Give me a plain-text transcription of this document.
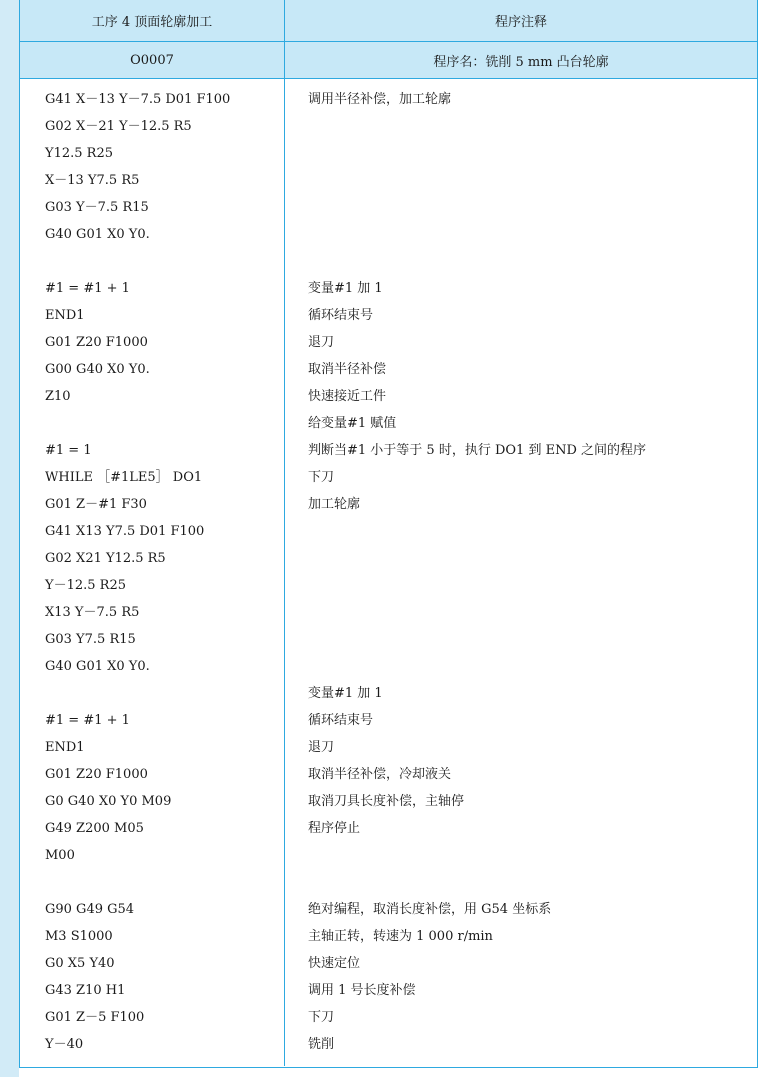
工序 4 顶面轮廓加工	程序注释
O0007	程序名：铣削 5 mm 凸台轮廓
G41 X－13 Y－7.5 D01 F100
G02 X－21 Y－12.5 R5
Y12.5 R25
X－13 Y7.5 R5
G03 Y－7.5 R15
G40 G01 X0 Y0.
#1 = #1 + 1
END1
G01 Z20 F1000
G00 G40 X0 Y0.
Z10
#1 = 1
WHILE ［#1LE5］ DO1
G01 Z－#1 F30
G41 X13 Y7.5 D01 F100
G02 X21 Y12.5 R5
Y－12.5 R25
X13 Y－7.5 R5
G03 Y7.5 R15
G40 G01 X0 Y0.
#1 = #1 + 1
END1
G01 Z20 F1000
G0 G40 X0 Y0 M09
G49 Z200 M05
M00
G90 G49 G54
M3 S1000
G0 X5 Y40
G43 Z10 H1
G01 Z－5 F100
Y－40
调用半径补偿，加工轮廓
变量#1 加 1
循环结束号
退刀
取消半径补偿
快速接近工件
给变量#1 赋值
判断当#1 小于等于 5 时，执行 DO1 到 END 之间的程序
下刀
加工轮廓
变量#1 加 1
循环结束号
退刀
取消半径补偿，冷却液关
取消刀具长度补偿，主轴停
程序停止
绝对编程，取消长度补偿，用 G54 坐标系
主轴正转，转速为 1 000 r/min
快速定位
调用 1 号长度补偿
下刀
铣削
